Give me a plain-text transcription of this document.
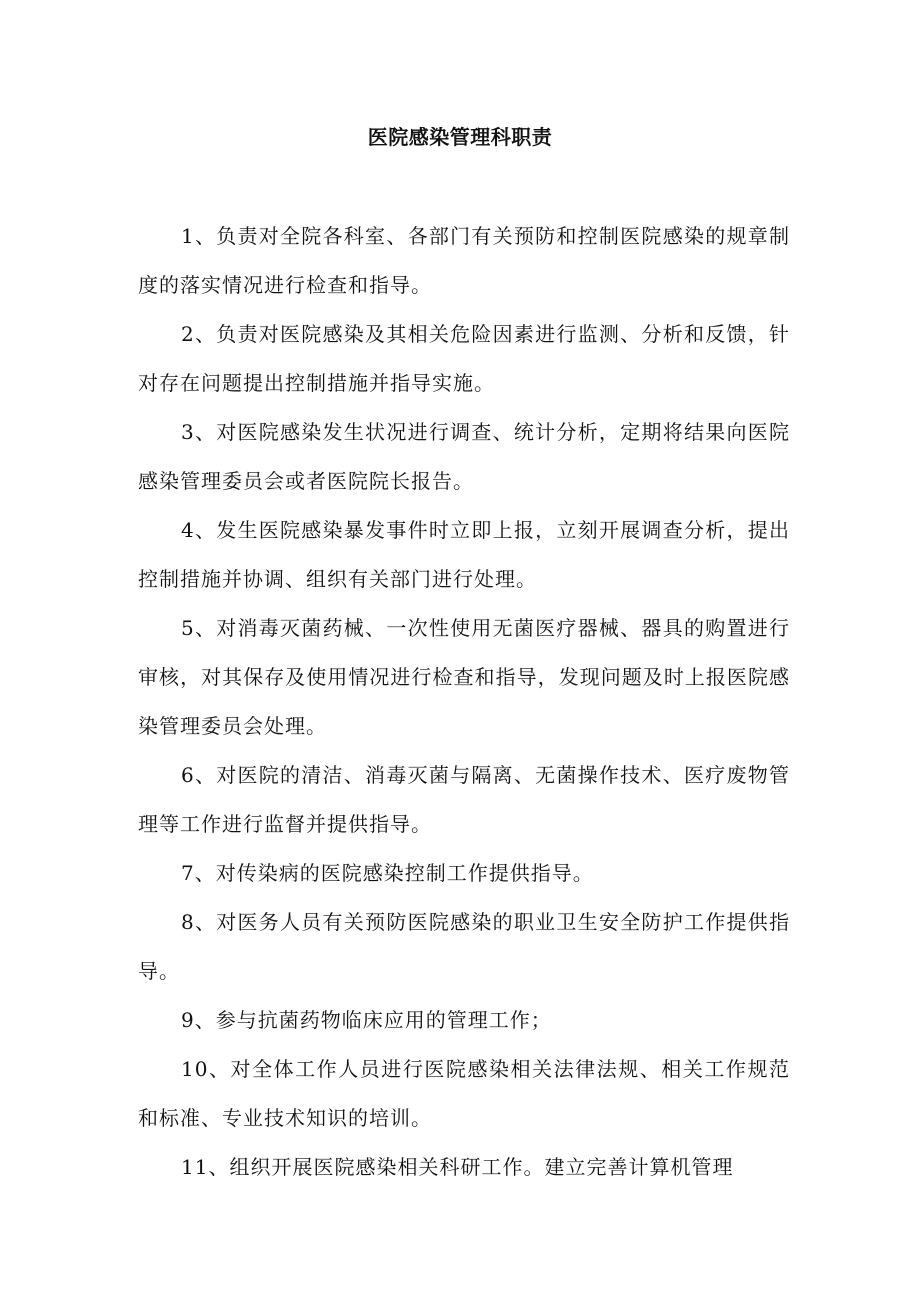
医院感染管理科职责

1、负责对全院各科室、各部门有关预防和控制医院感染的规章制度的落实情况进行检查和指导。

2、负责对医院感染及其相关危险因素进行监测、分析和反馈，针对存在问题提出控制措施并指导实施。

3、对医院感染发生状况进行调查、统计分析，定期将结果向医院感染管理委员会或者医院院长报告。

4、发生医院感染暴发事件时立即上报，立刻开展调查分析，提出控制措施并协调、组织有关部门进行处理。

5、对消毒灭菌药械、一次性使用无菌医疗器械、器具的购置进行审核，对其保存及使用情况进行检查和指导，发现问题及时上报医院感染管理委员会处理。

6、对医院的清洁、消毒灭菌与隔离、无菌操作技术、医疗废物管理等工作进行监督并提供指导。

7、对传染病的医院感染控制工作提供指导。

8、对医务人员有关预防医院感染的职业卫生安全防护工作提供指导。

9、参与抗菌药物临床应用的管理工作；

10、对全体工作人员进行医院感染相关法律法规、相关工作规范和标准、专业技术知识的培训。

11、组织开展医院感染相关科研工作。建立完善计算机管理
